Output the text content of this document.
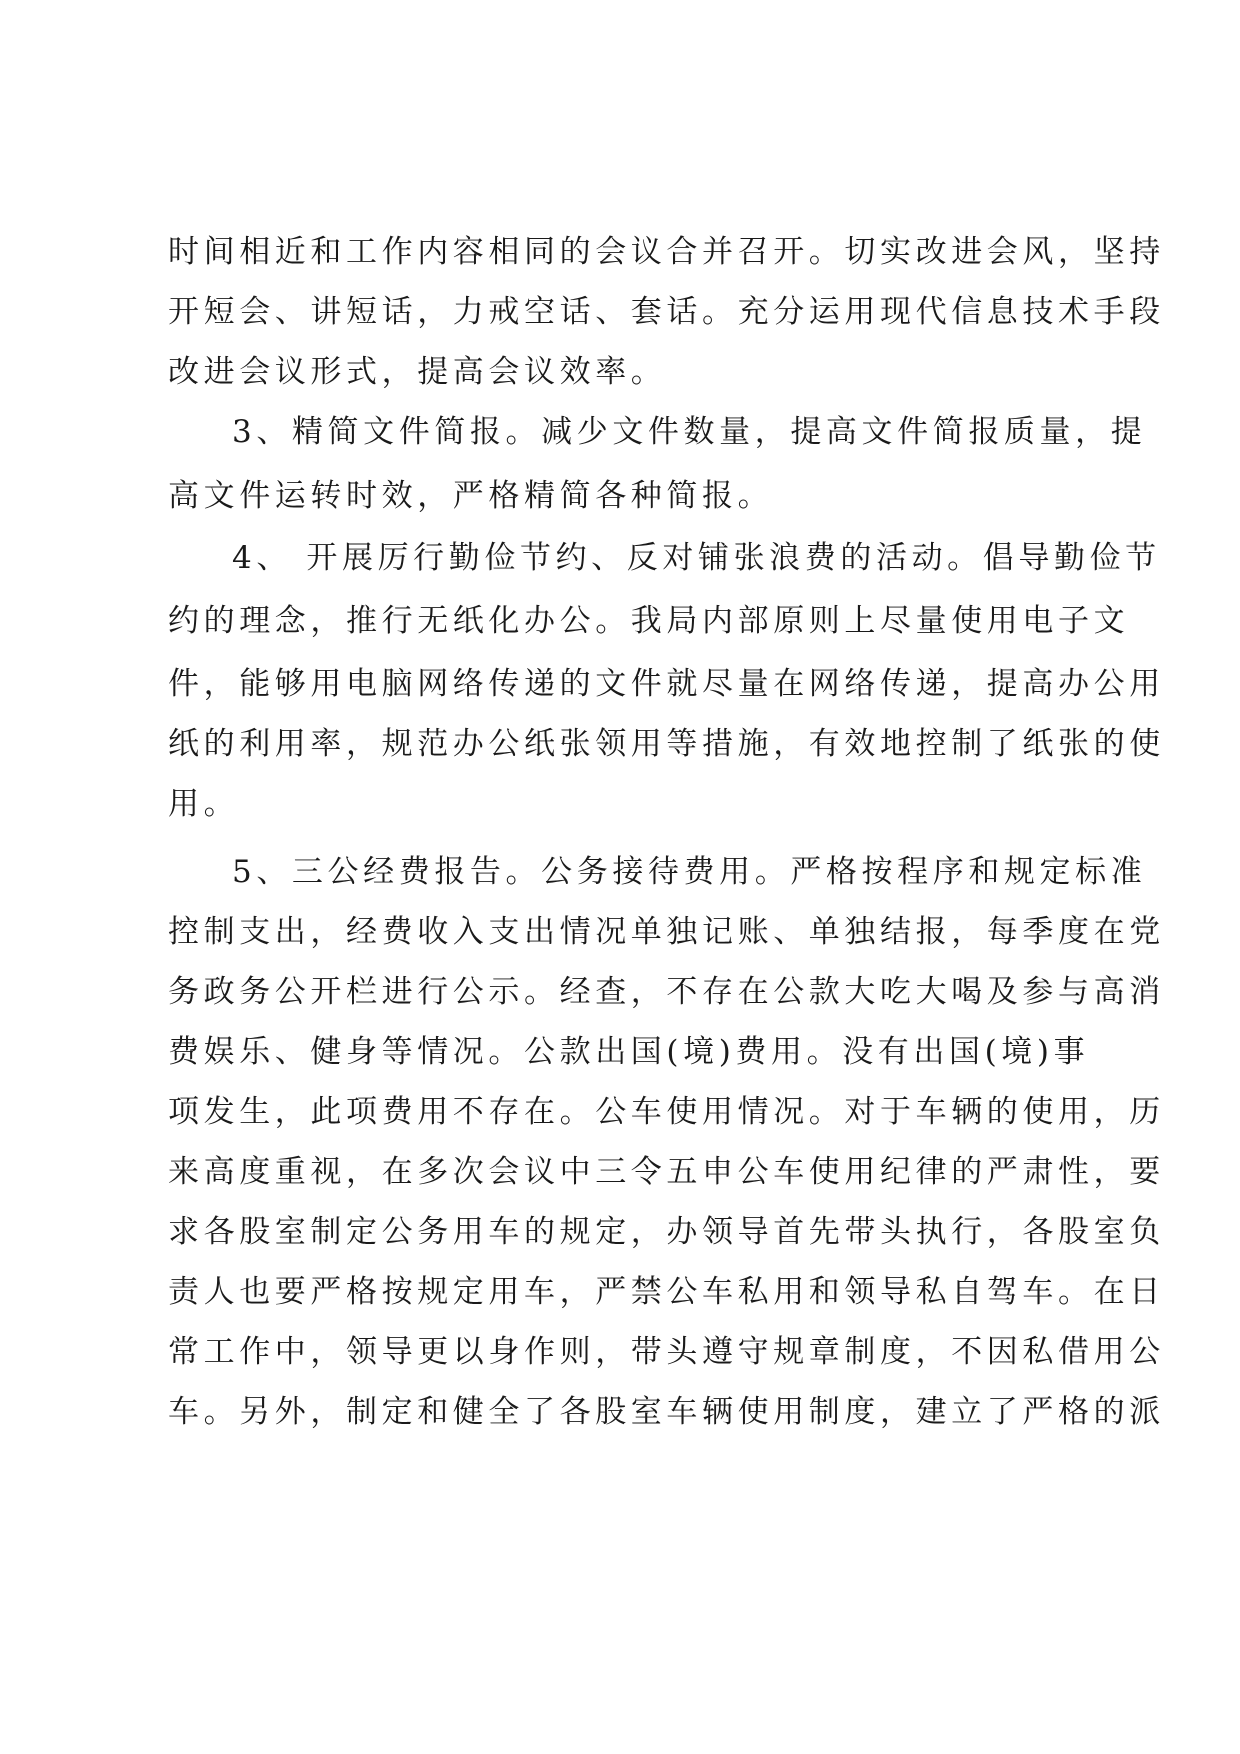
时间相近和工作内容相同的会议合并召开。切实改进会风，坚持
开短会、讲短话，力戒空话、套话。充分运用现代信息技术手段
改进会议形式，提高会议效率。
3、精简文件简报。减少文件数量，提高文件简报质量，提
高文件运转时效，严格精简各种简报。
4、 开展厉行勤俭节约、反对铺张浪费的活动。倡导勤俭节
约的理念，推行无纸化办公。我局内部原则上尽量使用电子文
件，能够用电脑网络传递的文件就尽量在网络传递，提高办公用
纸的利用率，规范办公纸张领用等措施，有效地控制了纸张的使
用。
5、三公经费报告。公务接待费用。严格按程序和规定标准
控制支出，经费收入支出情况单独记账、单独结报，每季度在党
务政务公开栏进行公示。经查，不存在公款大吃大喝及参与高消
费娱乐、健身等情况。公款出国(境)费用。没有出国(境)事
项发生，此项费用不存在。公车使用情况。对于车辆的使用，历
来高度重视，在多次会议中三令五申公车使用纪律的严肃性，要
求各股室制定公务用车的规定，办领导首先带头执行，各股室负
责人也要严格按规定用车，严禁公车私用和领导私自驾车。在日
常工作中，领导更以身作则，带头遵守规章制度，不因私借用公
车。另外，制定和健全了各股室车辆使用制度，建立了严格的派
